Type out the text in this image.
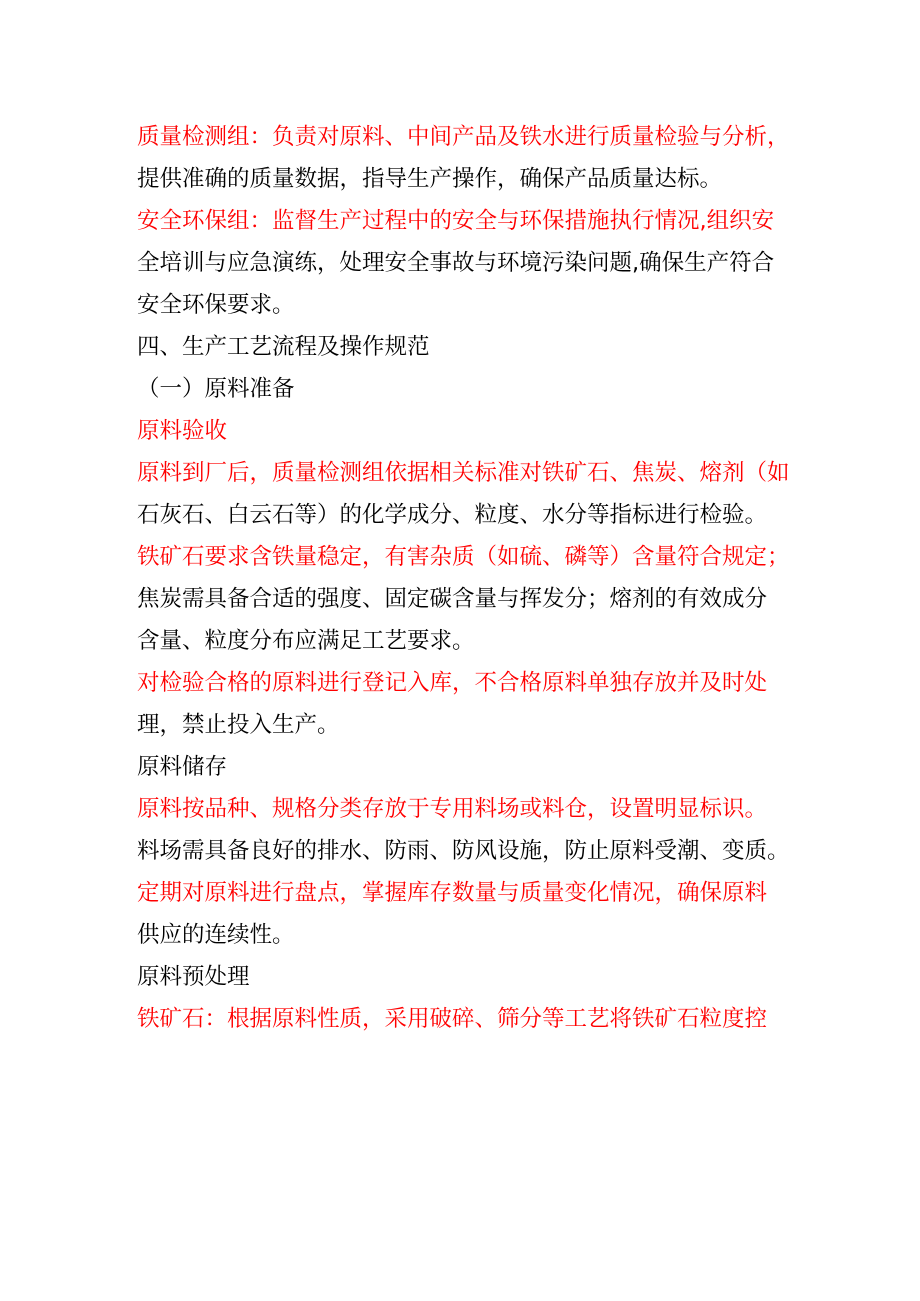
质量检测组：负责对原料、中间产品及铁水进行质量检验与分析，

提供准确的质量数据，指导生产操作，确保产品质量达标。

安全环保组：监督生产过程中的安全与环保措施执行情况,组织安

全培训与应急演练，处理安全事故与环境污染问题,确保生产符合

安全环保要求。

四、生产工艺流程及操作规范

（一）原料准备

原料验收

原料到厂后，质量检测组依据相关标准对铁矿石、焦炭、熔剂（如

石灰石、白云石等）的化学成分、粒度、水分等指标进行检验。

铁矿石要求含铁量稳定，有害杂质（如硫、磷等）含量符合规定；

焦炭需具备合适的强度、固定碳含量与挥发分；熔剂的有效成分

含量、粒度分布应满足工艺要求。

对检验合格的原料进行登记入库，不合格原料单独存放并及时处

理，禁止投入生产。

原料储存

原料按品种、规格分类存放于专用料场或料仓，设置明显标识。

料场需具备良好的排水、防雨、防风设施，防止原料受潮、变质。

定期对原料进行盘点，掌握库存数量与质量变化情况，确保原料

供应的连续性。

原料预处理

铁矿石：根据原料性质，采用破碎、筛分等工艺将铁矿石粒度控
